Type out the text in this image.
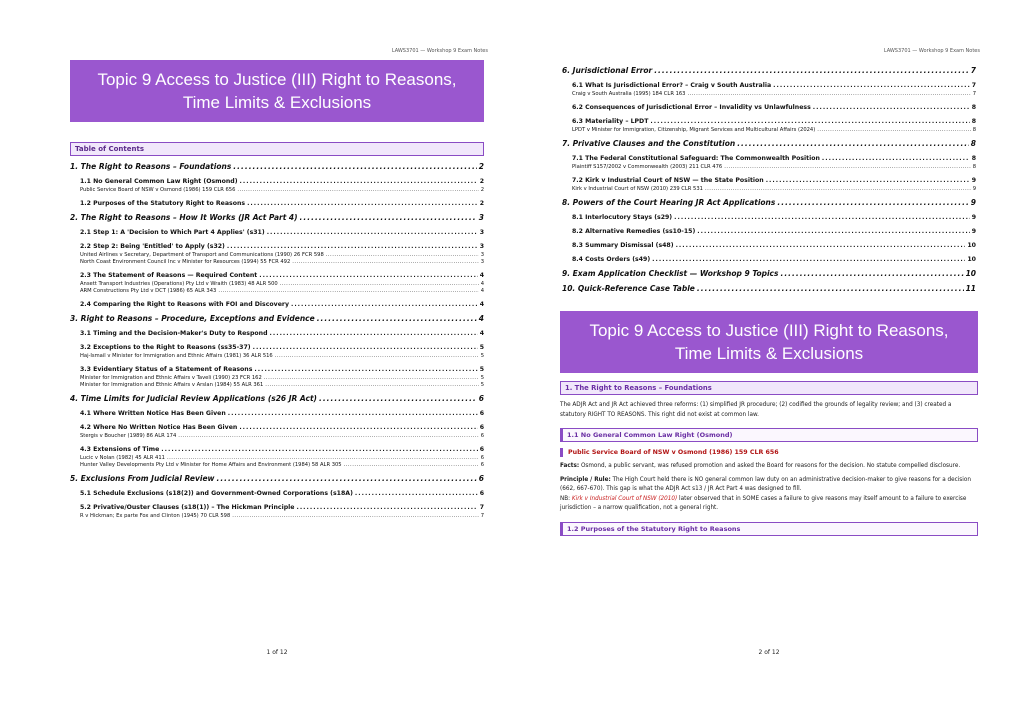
LAWS3701 — Workshop 9 Exam Notes
Topic 9 Access to Justice (III) Right to Reasons,
Time Limits & Exclusions
Table of Contents
1. The Right to Reasons – Foundations .....	2
1.1 No General Common Law Right (Osmond) .....	2
Public Service Board of NSW v Osmond (1986) 159 CLR 656 .....	2
1.2 Purposes of the Statutory Right to Reasons .....	2
2. The Right to Reasons – How It Works (JR Act Part 4) .....	3
2.1 Step 1: A 'Decision to Which Part 4 Applies' (s31) .....	3
2.2 Step 2: Being 'Entitled' to Apply (s32) .....	3
United Airlines v Secretary, Department of Transport and Communications (1990) 26 FCR 598 .....	3
North Coast Environment Council Inc v Minister for Resources (1994) 55 FCR 492 .....	3
2.3 The Statement of Reasons — Required Content .....	4
Ansett Transport Industries (Operations) Pty Ltd v Wraith (1983) 48 ALR 500 .....	4
ARM Constructions Pty Ltd v DCT (1986) 65 ALR 343 .....	4
2.4 Comparing the Right to Reasons with FOI and Discovery .....	4
3. Right to Reasons – Procedure, Exceptions and Evidence .....	4
3.1 Timing and the Decision-Maker's Duty to Respond .....	4
3.2 Exceptions to the Right to Reasons (ss35-37) .....	5
Haj-Ismail v Minister for Immigration and Ethnic Affairs (1981) 36 ALR 516 .....	5
3.3 Evidentiary Status of a Statement of Reasons .....	5
Minister for Immigration and Ethnic Affairs v Taveli (1990) 23 FCR 162 .....	5
Minister for Immigration and Ethnic Affairs v Arslan (1984) 55 ALR 361 .....	5
4. Time Limits for Judicial Review Applications (s26 JR Act) .....	6
4.1 Where Written Notice Has Been Given .....	6
4.2 Where No Written Notice Has Been Given .....	6
Stergis v Boucher (1989) 86 ALR 174 .....	6
4.3 Extensions of Time .....	6
Lucic v Nolan (1982) 45 ALR 411 .....	6
Hunter Valley Developments Pty Ltd v Minister for Home Affairs and Environment (1984) 58 ALR 305 .....	6
5. Exclusions From Judicial Review .....	6
5.1 Schedule Exclusions (s18(2)) and Government-Owned Corporations (s18A) .....	6
5.2 Privative/Ouster Clauses (s18(1)) – The Hickman Principle .....	7
R v Hickman; Ex parte Fox and Clinton (1945) 70 CLR 598 .....	7
1 of 12
LAWS3701 — Workshop 9 Exam Notes
6. Jurisdictional Error .....	7
6.1 What Is Jurisdictional Error? – Craig v South Australia .....	7
Craig v South Australia (1995) 184 CLR 163 .....	7
6.2 Consequences of Jurisdictional Error – Invalidity vs Unlawfulness .....	8
6.3 Materiality – LPDT .....	8
LPDT v Minister for Immigration, Citizenship, Migrant Services and Multicultural Affairs (2024) .....	8
7. Privative Clauses and the Constitution .....	8
7.1 The Federal Constitutional Safeguard: The Commonwealth Position .....	8
Plaintiff S157/2002 v Commonwealth (2003) 211 CLR 476 .....	8
7.2 Kirk v Industrial Court of NSW — the State Position .....	9
Kirk v Industrial Court of NSW (2010) 239 CLR 531 .....	9
8. Powers of the Court Hearing JR Act Applications .....	9
8.1 Interlocutory Stays (s29) .....	9
8.2 Alternative Remedies (ss10-15) .....	9
8.3 Summary Dismissal (s48) .....	10
8.4 Costs Orders (s49) .....	10
9. Exam Application Checklist — Workshop 9 Topics .....	10
10. Quick-Reference Case Table .....	11
Topic 9 Access to Justice (III) Right to Reasons,
Time Limits & Exclusions
1. The Right to Reasons – Foundations

The ADJR Act and JR Act achieved three reforms: (1) simplified JR procedure; (2) codified the grounds of legality review; and (3) created a statutory RIGHT TO REASONS. This right did not exist at common law.

1.1 No General Common Law Right (Osmond)
Public Service Board of NSW v Osmond (1986) 159 CLR 656

Facts: Osmond, a public servant, was refused promotion and asked the Board for reasons for the decision. No statute compelled disclosure.

Principle / Rule: The High Court held there is NO general common law duty on an administrative decision-maker to give reasons for a decision (662, 667-670). This gap is what the ADJR Act s13 / JR Act Part 4 was designed to fill.
NB: Kirk v Industrial Court of NSW (2010) later observed that in SOME cases a failure to give reasons may itself amount to a failure to exercise jurisdiction – a narrow qualification, not a general right.

1.2 Purposes of the Statutory Right to Reasons
2 of 12
